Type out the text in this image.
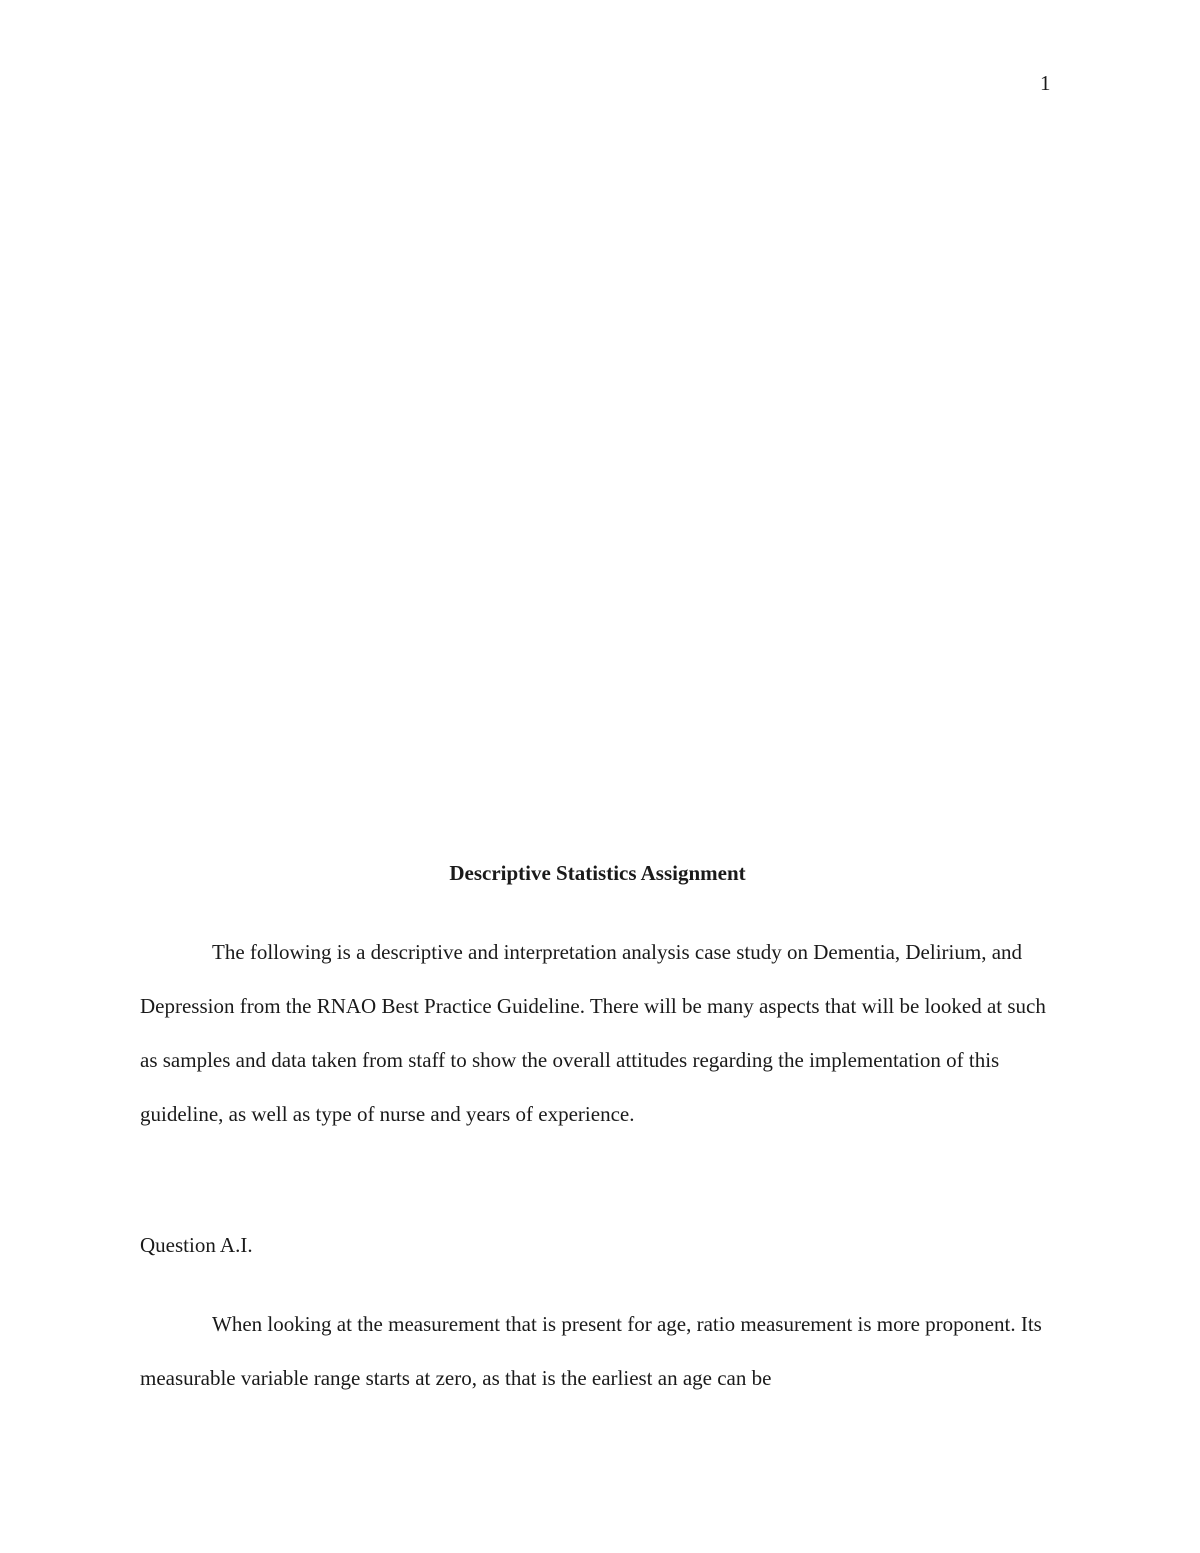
1
Descriptive Statistics Assignment

The following is a descriptive and interpretation analysis case study on Dementia, Delirium, and Depression from the RNAO Best Practice Guideline. There will be many aspects that will be looked at such as samples and data taken from staff to show the overall attitudes regarding the implementation of this guideline, as well as type of nurse and years of experience.

Question A.I.

When looking at the measurement that is present for age, ratio measurement is more proponent. Its measurable variable range starts at zero, as that is the earliest an age can be
